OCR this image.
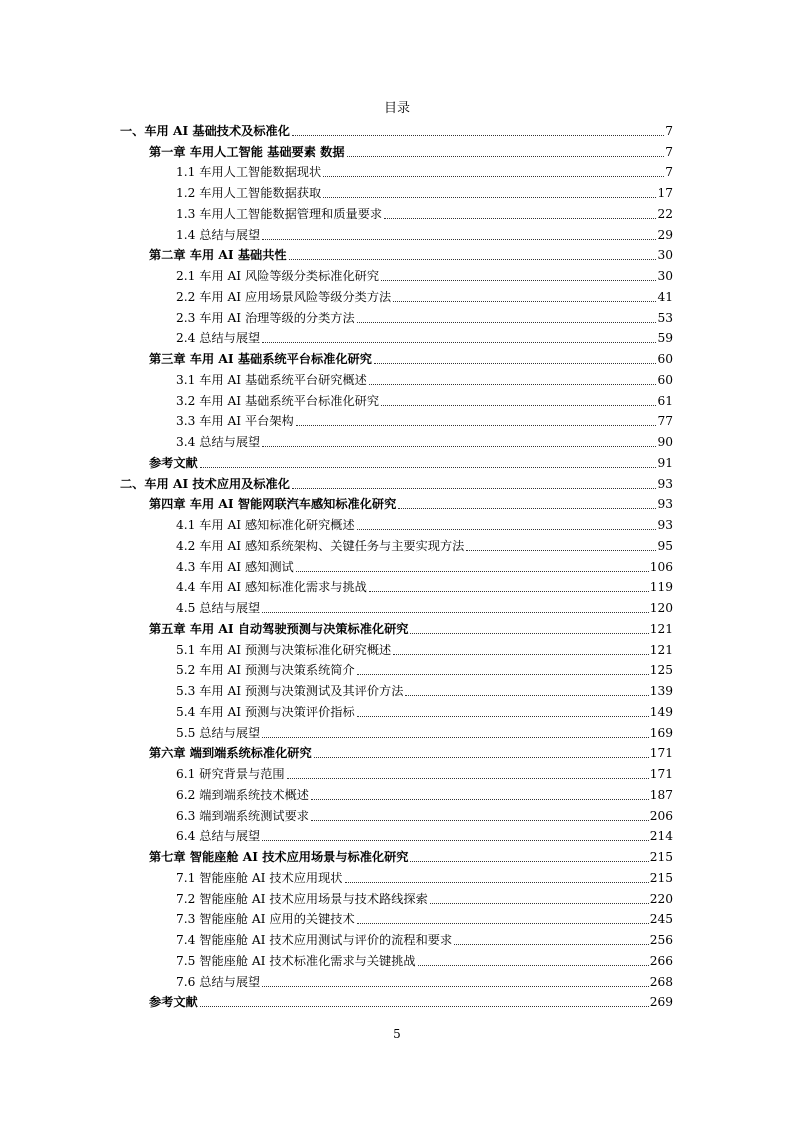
目录
一、车用 AI 基础技术及标准化	7
第一章 车用人工智能 基础要素 数据	7
1.1 车用人工智能数据现状	7
1.2 车用人工智能数据获取	17
1.3 车用人工智能数据管理和质量要求	22
1.4 总结与展望	29
第二章 车用 AI 基础共性	30
2.1 车用 AI 风险等级分类标准化研究	30
2.2 车用 AI 应用场景风险等级分类方法	41
2.3 车用 AI 治理等级的分类方法	53
2.4 总结与展望	59
第三章 车用 AI 基础系统平台标准化研究	60
3.1 车用 AI 基础系统平台研究概述	60
3.2 车用 AI 基础系统平台标准化研究	61
3.3 车用 AI 平台架构	77
3.4 总结与展望	90
参考文献	91
二、车用 AI 技术应用及标准化	93
第四章 车用 AI 智能网联汽车感知标准化研究	93
4.1 车用 AI 感知标准化研究概述	93
4.2 车用 AI 感知系统架构、关键任务与主要实现方法	95
4.3 车用 AI 感知测试	106
4.4 车用 AI 感知标准化需求与挑战	119
4.5 总结与展望	120
第五章 车用 AI 自动驾驶预测与决策标准化研究	121
5.1 车用 AI 预测与决策标准化研究概述	121
5.2 车用 AI 预测与决策系统简介	125
5.3 车用 AI 预测与决策测试及其评价方法	139
5.4 车用 AI 预测与决策评价指标	149
5.5 总结与展望	169
第六章 端到端系统标准化研究	171
6.1 研究背景与范围	171
6.2 端到端系统技术概述	187
6.3 端到端系统测试要求	206
6.4 总结与展望	214
第七章 智能座舱 AI 技术应用场景与标准化研究	215
7.1 智能座舱 AI 技术应用现状	215
7.2 智能座舱 AI 技术应用场景与技术路线探索	220
7.3 智能座舱 AI 应用的关键技术	245
7.4 智能座舱 AI 技术应用测试与评价的流程和要求	256
7.5 智能座舱 AI 技术标准化需求与关键挑战	266
7.6 总结与展望	268
参考文献	269
5
